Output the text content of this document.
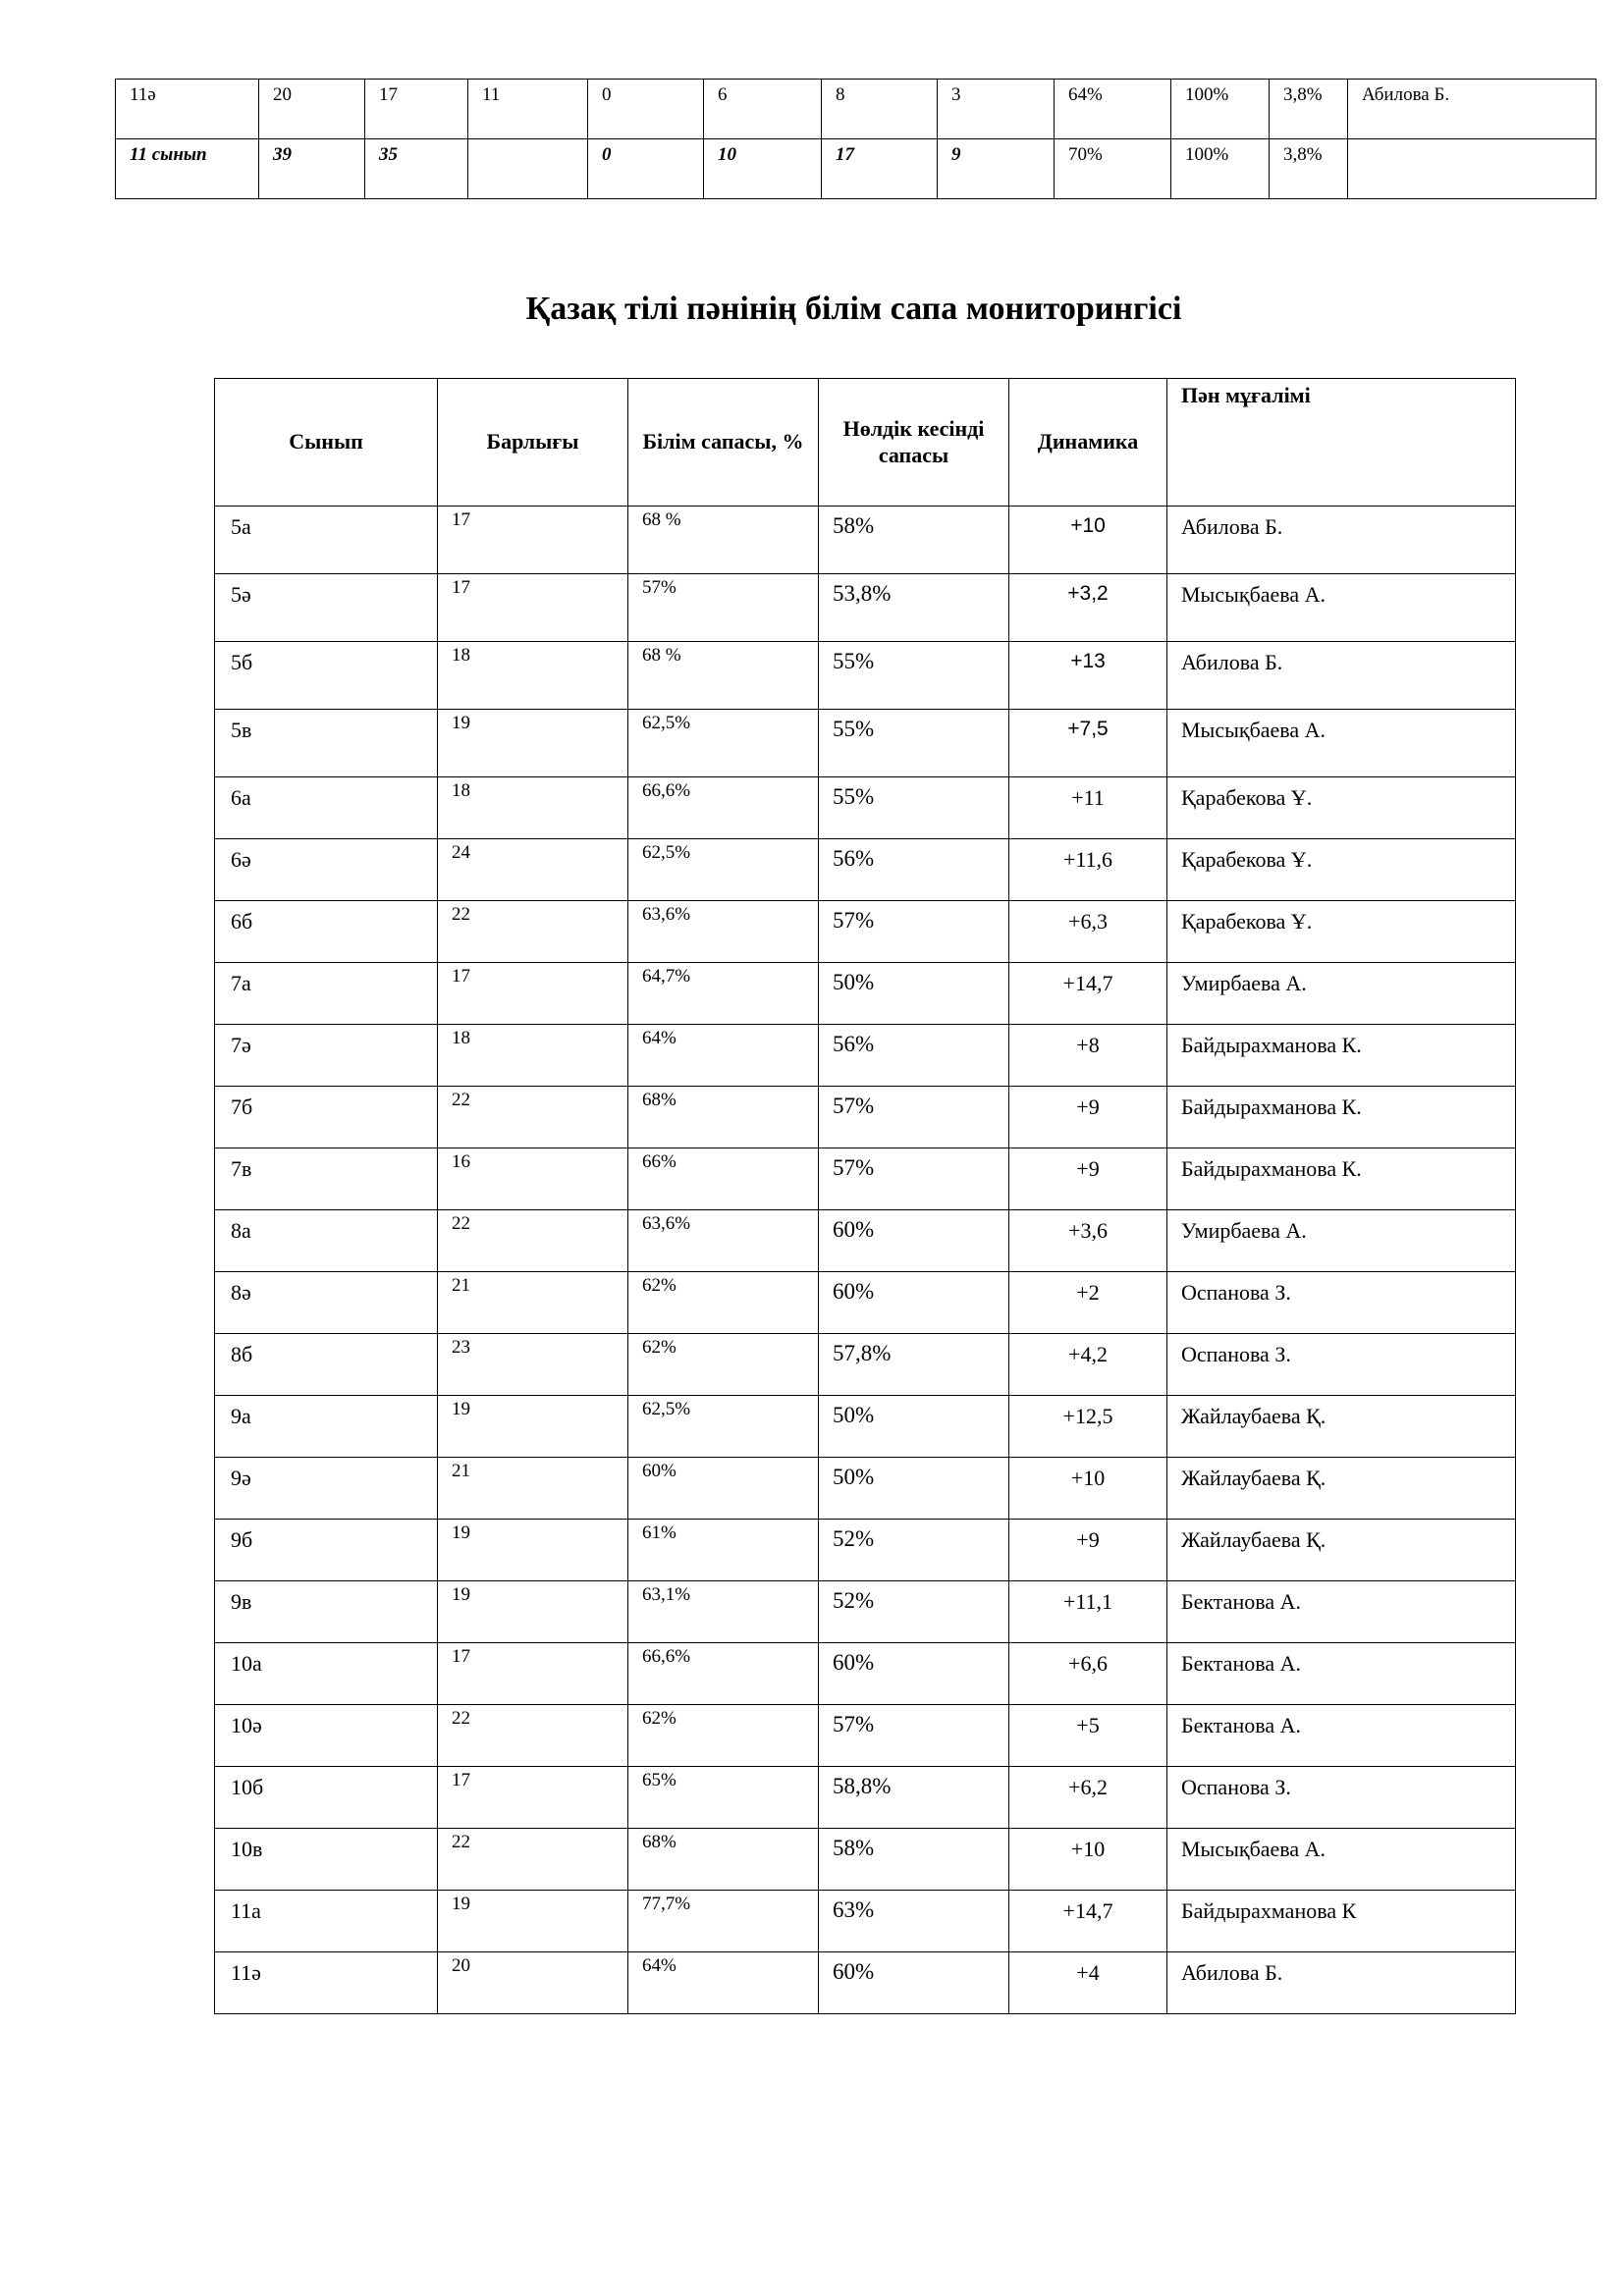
11ә	20	17	11	0	6	8	3	64%	100%	3,8%	Абилова Б.
11 сынып	39	35		0	10	17	9	70%	100%	3,8%	
Қазақ тілі пәнінің білім сапа мониторингісі
Сынып	Барлығы	Білім сапасы, %	Нөлдік кесінді сапасы	Динамика	Пән мұғалімі
5а	17	68 %	58%	+10	Абилова Б.
5ә	17	57%	53,8%	+3,2	Мысықбаева А.
5б	18	68 %	55%	+13	Абилова Б.
5в	19	62,5%	55%	+7,5	Мысықбаева А.
6а	18	66,6%	55%	+11	Қарабекова Ұ.
6ә	24	62,5%	56%	+11,6	Қарабекова Ұ.
6б	22	63,6%	57%	+6,3	Қарабекова Ұ.
7а	17	64,7%	50%	+14,7	Умирбаева А.
7ә	18	64%	56%	+8	Байдырахманова К.
7б	22	68%	57%	+9	Байдырахманова К.
7в	16	66%	57%	+9	Байдырахманова К.
8а	22	63,6%	60%	+3,6	Умирбаева А.
8ә	21	62%	60%	+2	Оспанова З.
8б	23	62%	57,8%	+4,2	Оспанова З.
9а	19	62,5%	50%	+12,5	Жайлаубаева Қ.
9ә	21	60%	50%	+10	Жайлаубаева Қ.
9б	19	61%	52%	+9	Жайлаубаева Қ.
9в	19	63,1%	52%	+11,1	Бектанова А.
10а	17	66,6%	60%	+6,6	Бектанова А.
10ә	22	62%	57%	+5	Бектанова А.
10б	17	65%	58,8%	+6,2	Оспанова З.
10в	22	68%	58%	+10	Мысықбаева А.
11а	19	77,7%	63%	+14,7	Байдырахманова К
11ә	20	64%	60%	+4	Абилова Б.
